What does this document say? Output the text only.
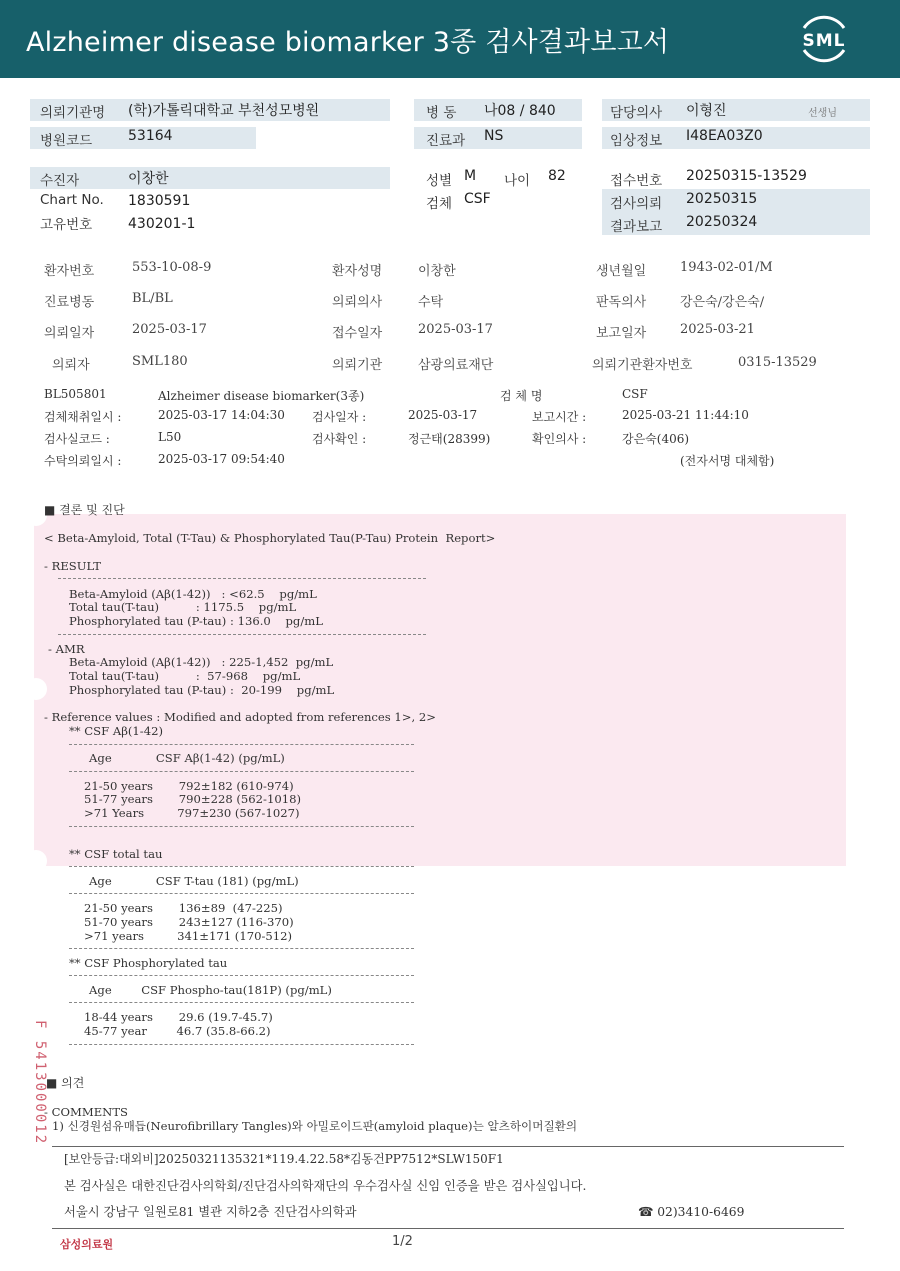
Alzheimer disease biomarker 3종 검사결과보고서	SML
의뢰기관명 (학)가톨릭대학교 부천성모병원
병원코드	53164
병 동 나08 / 840
진료과 NS
담당의사 이형진	선생님
임상정보 I48EA03Z0
수진자	이창한
Chart No. 1830591
고유번호	430201-1
성별 M 나이 82
검체 CSF
접수번호 20250315-13529
검사의뢰 20250315
결과보고 20250324
환자번호	553-10-08-9	환자성명	이창한	생년월일	1943-02-01/M
진료병동	BL/BL	의뢰의사	수탁	판독의사	강은숙/강은숙/
의뢰일자	2025-03-17	접수일자	2025-03-17	보고일자	2025-03-21
의뢰자	SML180	의뢰기관	삼광의료재단	의뢰기관환자번호	0315-13529
BL505801	Alzheimer disease biomarker(3종)	검 체 명	CSF
검체채취일시 :	2025-03-17 14:04:30 검사일자 :	2025-03-17	보고시간 :	2025-03-21 11:44:10
검사실코드 :	L50	검사확인 :	정근태(28399)	확인의사 :	강은숙(406)
수탁의뢰일시 :	2025-03-17 09:54:40	(전자서명 대체함)
■ 결론 및 진단
< Beta-Amyloid, Total (T-Tau) & Phosphorylated Tau(P-Tau) Protein  Report>
- RESULT
Beta-Amyloid (Aβ(1-42))   : <62.5    pg/mL
Total tau(T-tau)          : 1175.5    pg/mL
Phosphorylated tau (P-tau) : 136.0    pg/mL
- AMR
Beta-Amyloid (Aβ(1-42))   : 225-1,452  pg/mL
Total tau(T-tau)          :  57-968    pg/mL
Phosphorylated tau (P-tau) :  20-199    pg/mL
- Reference values : Modified and adopted from references 1>, 2>
** CSF Aβ(1-42)
Age            CSF Aβ(1-42) (pg/mL)
21-50 years       792±182 (610-974)
51-77 years       790±228 (562-1018)
>71 Years         797±230 (567-1027)
** CSF total tau
Age            CSF T-tau (181) (pg/mL)
21-50 years       136±89  (47-225)
51-70 years       243±127 (116-370)
>71 years         341±171 (170-512)
** CSF Phosphorylated tau
Age        CSF Phospho-tau(181P) (pg/mL)
18-44 years       29.6 (19.7-45.7)
45-77 year        46.7 (35.8-66.2)
■ 의견
- COMMENTS
1) 신경원섬유매듭(Neurofibrillary Tangles)와 아밀로이드판(amyloid plaque)는 알츠하이머질환의

F 5413000012

[보안등급:대외비]20250321135321*119.4.22.58*김동건PP7512*SLW150F1
본 검사실은 대한진단검사의학회/진단검사의학재단의 우수검사실 신임 인증을 받은 검사실입니다.
서울시 강남구 일원로81 별관 지하2층 진단검사의학과	☎ 02)3410-6469
1/2
삼성의료원
